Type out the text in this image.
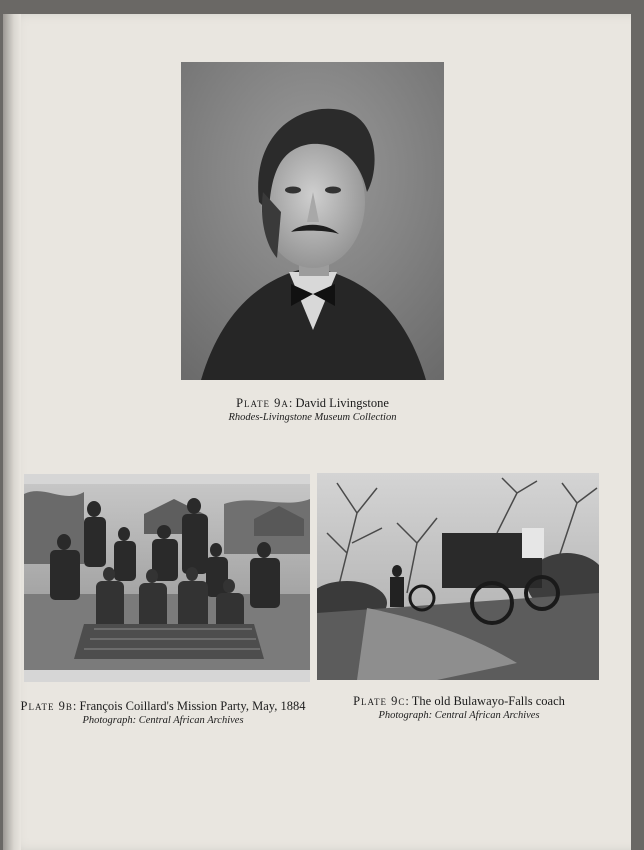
Plate 9a: David Livingstone
Rhodes-Livingstone Museum Collection
Plate 9b: François Coillard's Mission Party, May, 1884
Photograph: Central African Archives
Plate 9c: The old Bulawayo-Falls coach
Photograph: Central African Archives
